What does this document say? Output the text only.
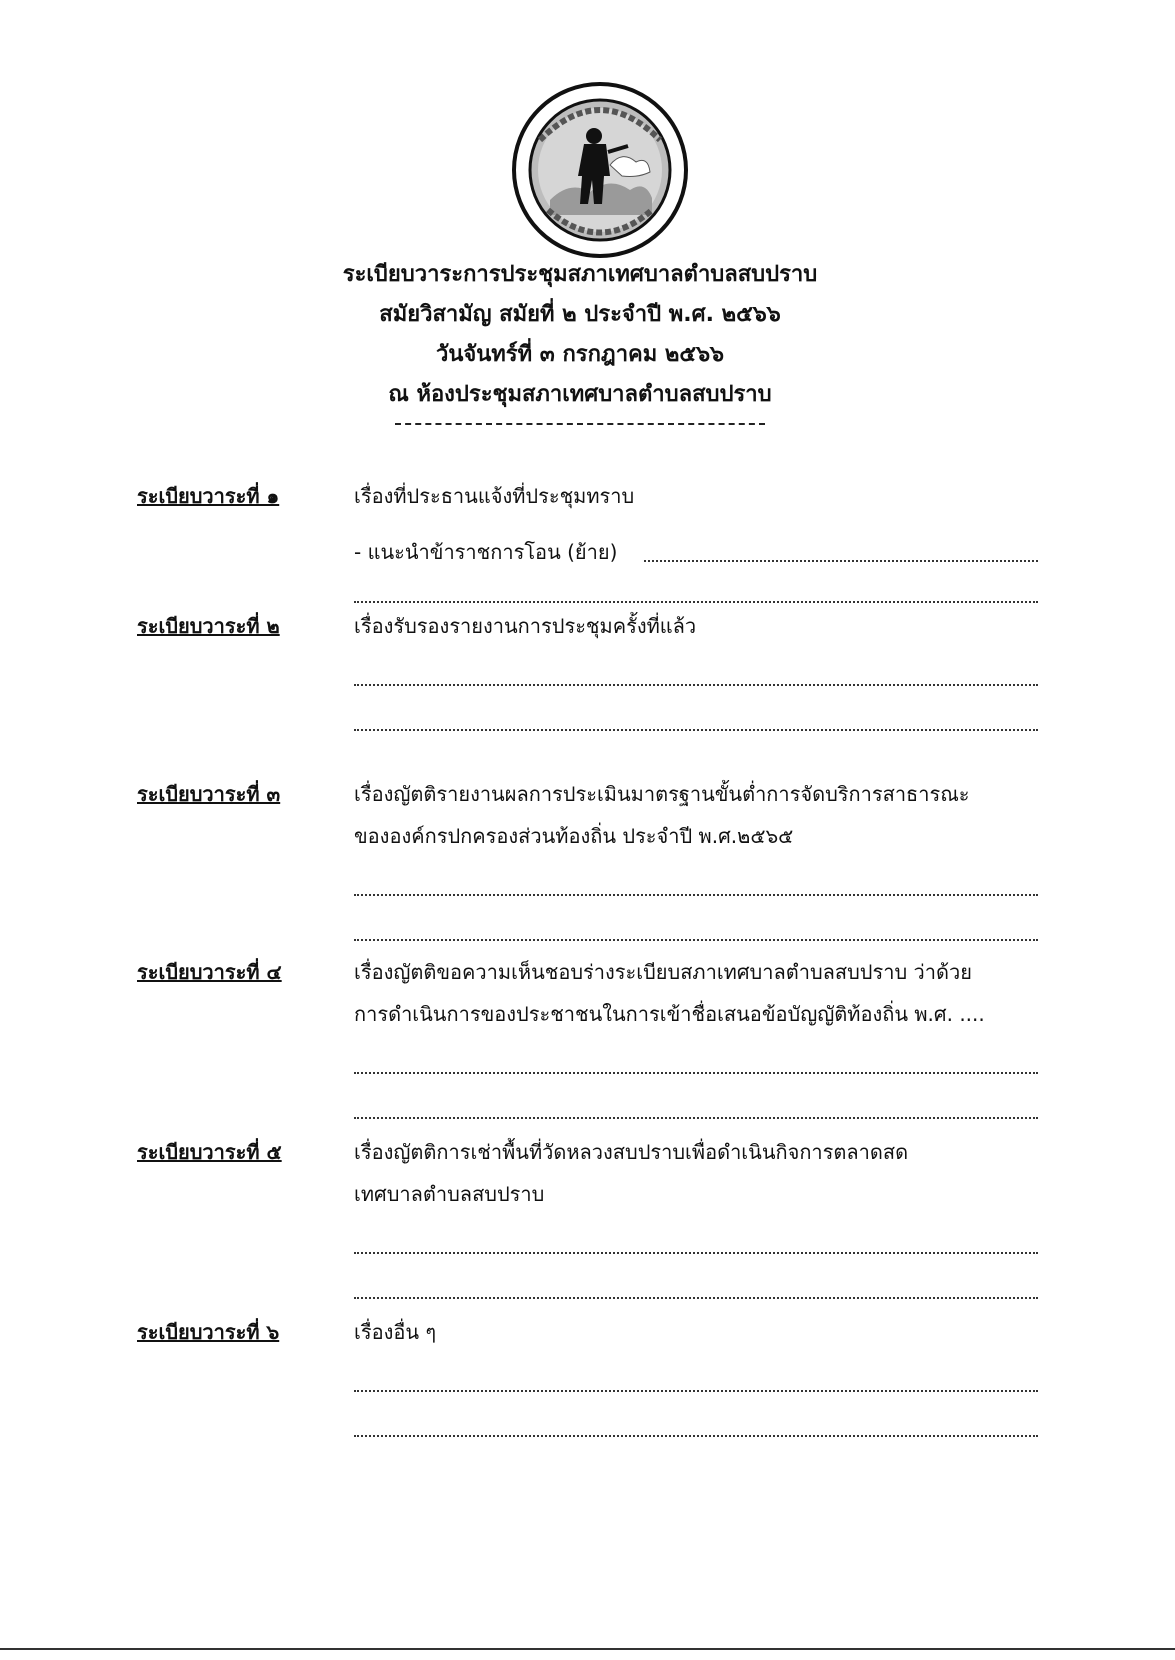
ระเบียบวาระการประชุมสภาเทศบาลตำบลสบปราบ
สมัยวิสามัญ สมัยที่ ๒ ประจำปี พ.ศ. ๒๕๖๖
วันจันทร์ที่ ๓ กรกฎาคม ๒๕๖๖
ณ ห้องประชุมสภาเทศบาลตำบลสบปราบ
ระเบียบวาระที่ ๑	เรื่องที่ประธานแจ้งที่ประชุมทราบ
- แนะนำข้าราชการโอน (ย้าย)
ระเบียบวาระที่ ๒	เรื่องรับรองรายงานการประชุมครั้งที่แล้ว
ระเบียบวาระที่ ๓	เรื่องญัตติรายงานผลการประเมินมาตรฐานขั้นต่ำการจัดบริการสาธารณะ
ขององค์กรปกครองส่วนท้องถิ่น ประจำปี พ.ศ.๒๕๖๕
ระเบียบวาระที่ ๔	เรื่องญัตติขอความเห็นชอบร่างระเบียบสภาเทศบาลตำบลสบปราบ ว่าด้วย
การดำเนินการของประชาชนในการเข้าชื่อเสนอข้อบัญญัติท้องถิ่น พ.ศ. ....
ระเบียบวาระที่ ๕	เรื่องญัตติการเช่าพื้นที่วัดหลวงสบปราบเพื่อดำเนินกิจการตลาดสด
เทศบาลตำบลสบปราบ
ระเบียบวาระที่ ๖	เรื่องอื่น ๆ
